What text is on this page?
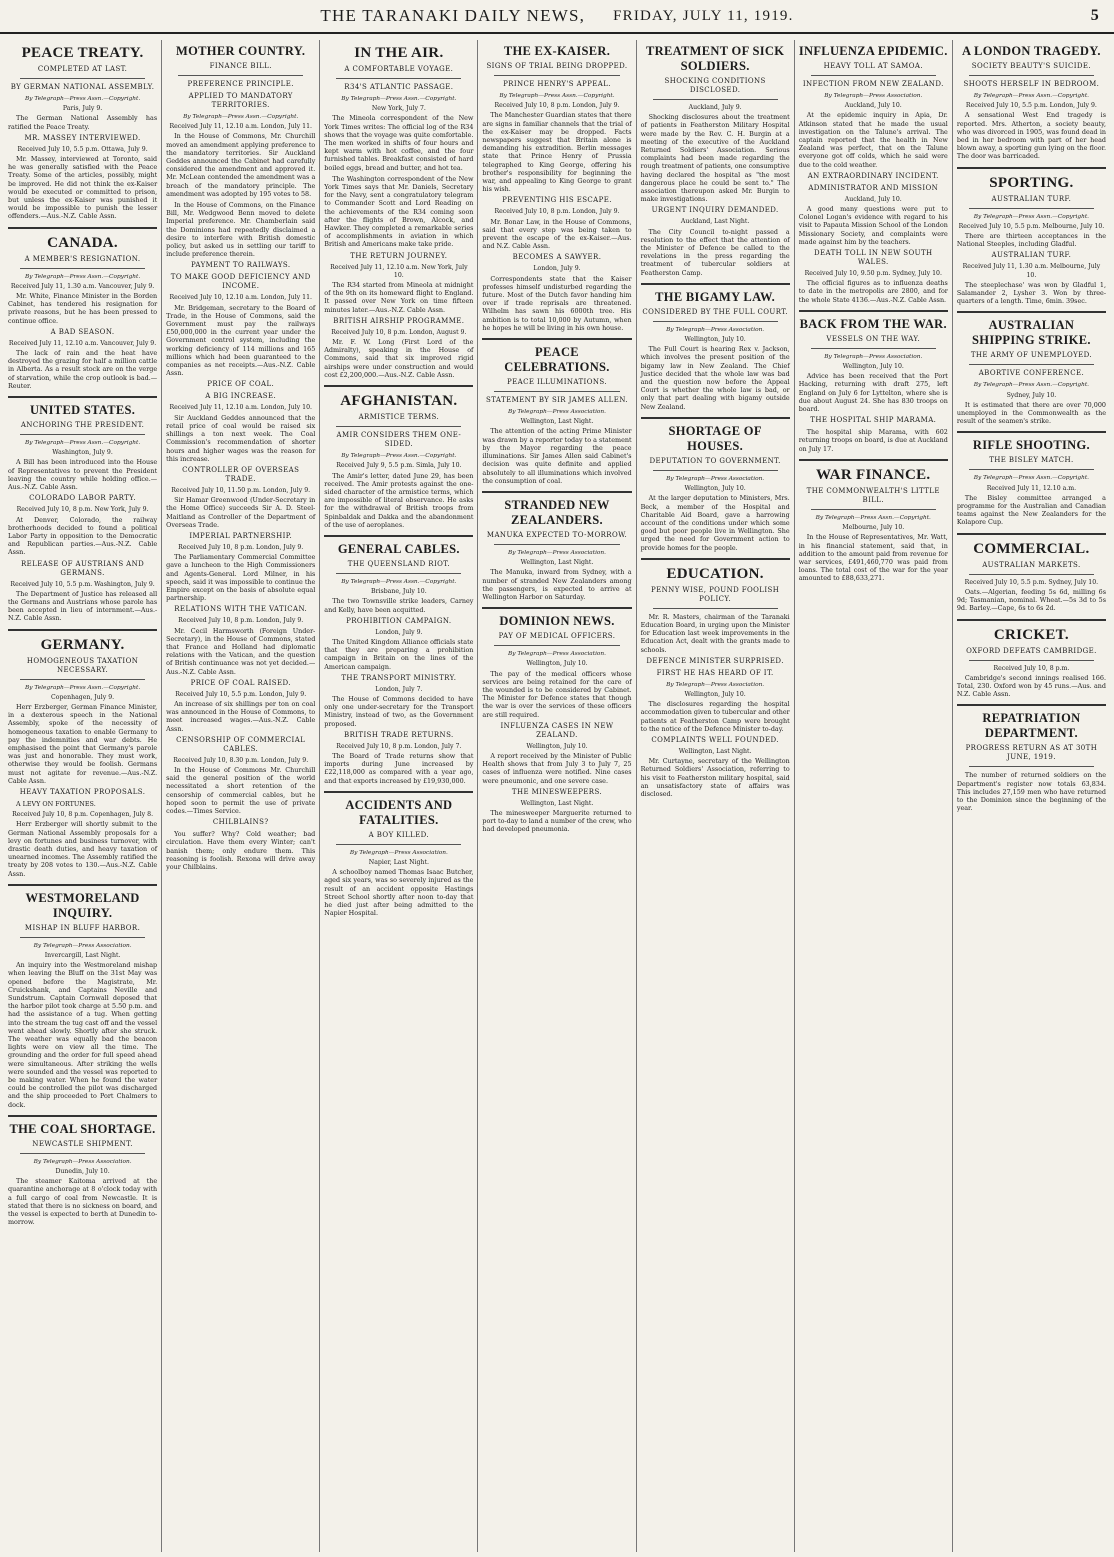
THE TARANAKI DAILY NEWS, FRIDAY, JULY 11, 1919.	5
PEACE TREATY.
COMPLETED AT LAST.
BY GERMAN NATIONAL ASSEMBLY.
By Telegraph—Press Assn.—Copyright.
Paris, July 9.

The German National Assembly has ratified the Peace Treaty.

MR. MASSEY INTERVIEWED.
Received July 10, 5.5 p.m. Ottawa, July 9.

Mr. Massey, interviewed at Toronto, said he was generally satisfied with the Peace Treaty. Some of the articles, possibly, might be improved. He did not think the ex-Kaiser would be executed or committed to prison, but unless the ex-Kaiser was punished it would be impossible to punish the lesser offenders.—Aus.-N.Z. Cable Assn.

CANADA.
A MEMBER'S RESIGNATION.
By Telegraph—Press Assn.—Copyright.
Received July 11, 1.30 a.m. Vancouver, July 9.

Mr. White, Finance Minister in the Borden Cabinet, has tendered his resignation for private reasons, but he has been pressed to continue office.

A BAD SEASON.
Received July 11, 12.10 a.m. Vancouver, July 9.

The lack of rain and the heat have destroyed the grazing for half a million cattle in Alberta. As a result stock are on the verge of starvation, while the crop outlook is bad.—Reuter.

UNITED STATES.
ANCHORING THE PRESIDENT.
By Telegraph—Press Assn.—Copyright.
Washington, July 9.

A Bill has been introduced into the House of Representatives to prevent the President leaving the country while holding office.—Aus.-N.Z. Cable Assn.

COLORADO LABOR PARTY.
Received July 10, 8 p.m. New York, July 9.

At Denver, Colorado, the railway brotherhoods decided to found a political Labor Party in opposition to the Democratic and Republican parties.—Aus.-N.Z. Cable Assn.

RELEASE OF AUSTRIANS AND GERMANS.
Received July 10, 5.5 p.m. Washington, July 9.

The Department of Justice has released all the Germans and Austrians whose parole has been accepted in lieu of internment.—Aus.-N.Z. Cable Assn.

GERMANY.
HOMOGENEOUS TAXATION NECESSARY.
By Telegraph—Press Assn.—Copyright.
Copenhagen, July 9.

Herr Erzberger, German Finance Minister, in a dexterous speech in the National Assembly, spoke of the necessity of homogeneous taxation to enable Germany to pay the indemnities and war debts. He emphasised the point that Germany's parole was just and honorable. They must work, otherwise they would be foolish. Germans must not agitate for revenue.—Aus.-N.Z. Cable Assn.

HEAVY TAXATION PROPOSALS.

A LEVY ON FORTUNES.

Received July 10, 8 p.m. Copenhagen, July 8.

Herr Erzberger will shortly submit to the German National Assembly proposals for a levy on fortunes and business turnover, with drastic death duties, and heavy taxation of unearned incomes. The Assembly ratified the treaty by 208 votes to 130.—Aus.-N.Z. Cable Assn.

WESTMORELAND INQUIRY.
MISHAP IN BLUFF HARBOR.
By Telegraph—Press Association.
Invercargill, Last Night.

An inquiry into the Westmoreland mishap when leaving the Bluff on the 31st May was opened before the Magistrate, Mr. Cruickshank, and Captains Neville and Sundstrum. Captain Cornwall deposed that the harbor pilot took charge at 5.50 p.m. and had the assistance of a tug. When getting into the stream the tug cast off and the vessel went ahead slowly. Shortly after she struck. The weather was equally bad the beacon lights were on view all the time. The grounding and the order for full speed ahead were simultaneous. After striking the wells were sounded and the vessel was reported to be making water. When he found the water could be controlled the pilot was discharged and the ship proceeded to Port Chalmers to dock.

THE COAL SHORTAGE.
NEWCASTLE SHIPMENT.
By Telegraph—Press Association.
Dunedin, July 10.

The steamer Kaitoma arrived at the quarantine anchorage at 8 o'clock today with a full cargo of coal from Newcastle. It is stated that there is no sickness on board, and the vessel is expected to berth at Dunedin to-morrow.

MOTHER COUNTRY.
FINANCE BILL.
PREFERENCE PRINCIPLE.
APPLIED TO MANDATORY TERRITORIES.
By Telegraph—Press Assn.—Copyright.
Received July 11, 12.10 a.m. London, July 11.

In the House of Commons, Mr. Churchill moved an amendment applying preference to the mandatory territories. Sir Auckland Geddes announced the Cabinet had carefully considered the amendment and approved it. Mr. McLean contended the amendment was a breach of the mandatory principle. The amendment was adopted by 195 votes to 58.

In the House of Commons, on the Finance Bill, Mr. Wedgwood Benn moved to delete Imperial preference. Mr. Chamberlain said the Dominions had repeatedly disclaimed a desire to interfere with British domestic policy, but asked us in settling our tariff to include preference therein.

PAYMENT TO RAILWAYS.
TO MAKE GOOD DEFICIENCY AND INCOME.
Received July 10, 12.10 a.m. London, July 11.

Mr. Bridgeman, secretary to the Board of Trade, in the House of Commons, said the Government must pay the railways £50,000,000 in the current year under the Government control system, including the working deficiency of 114 millions and 165 millions which had been guaranteed to the companies as net receipts.—Aus.-N.Z. Cable Assn.

PRICE OF COAL.
A BIG INCREASE.
Received July 11, 12.10 a.m. London, July 10.

Sir Auckland Geddes announced that the retail price of coal would be raised six shillings a ton next week. The Coal Commission's recommendation of shorter hours and higher wages was the reason for this increase.

CONTROLLER OF OVERSEAS TRADE.
Received July 10, 11.50 p.m. London, July 9.

Sir Hamar Greenwood (Under-Secretary in the Home Office) succeeds Sir A. D. Steel-Maitland as Controller of the Department of Overseas Trade.

IMPERIAL PARTNERSHIP.
Received July 10, 8 p.m. London, July 9.

The Parliamentary Commercial Committee gave a luncheon to the High Commissioners and Agents-General. Lord Milner, in his speech, said it was impossible to continue the Empire except on the basis of absolute equal partnership.

RELATIONS WITH THE VATICAN.
Received July 10, 8 p.m. London, July 9.

Mr. Cecil Harmsworth (Foreign Under-Secretary), in the House of Commons, stated that France and Holland had diplomatic relations with the Vatican, and the question of British continuance was not yet decided.—Aus.-N.Z. Cable Assn.

PRICE OF COAL RAISED.
Received July 10, 5.5 p.m. London, July 9.

An increase of six shillings per ton on coal was announced in the House of Commons, to meet increased wages.—Aus.-N.Z. Cable Assn.

CENSORSHIP OF COMMERCIAL CABLES.
Received July 10, 8.30 p.m. London, July 9.

In the House of Commons Mr. Churchill said the general position of the world necessitated a short retention of the censorship of commercial cables, but he hoped soon to permit the use of private codes.—Times Service.

CHILBLAINS?

You suffer? Why? Cold weather; bad circulation. Have them every Winter; can't banish them; only endure them. This reasoning is foolish. Rexona will drive away your Chilblains.

IN THE AIR.
A COMFORTABLE VOYAGE.
R34'S ATLANTIC PASSAGE.
By Telegraph—Press Assn.—Copyright.
New York, July 7.

The Mineola correspondent of the New York Times writes: The official log of the R34 shows that the voyage was quite comfortable. The men worked in shifts of four hours and kept warm with hot coffee, and the four furnished tables. Breakfast consisted of hard boiled eggs, bread and butter, and hot tea.

The Washington correspondent of the New York Times says that Mr. Daniels, Secretary for the Navy, sent a congratulatory telegram to Commander Scott and Lord Reading on the achievements of the R34 coming soon after the flights of Brown, Alcock, and Hawker. They completed a remarkable series of accomplishments in aviation in which British and Americans make take pride.

THE RETURN JOURNEY.
Received July 11, 12.10 a.m. New York, July 10.

The R34 started from Mineola at midnight of the 9th on its homeward flight to England. It passed over New York on time fifteen minutes later.—Aus.-N.Z. Cable Assn.

BRITISH AIRSHIP PROGRAMME.
Received July 10, 8 p.m. London, August 9.

Mr. F. W. Long (First Lord of the Admiralty), speaking in the House of Commons, said that six improved rigid airships were under construction and would cost £2,200,000.—Aus.-N.Z. Cable Assn.

AFGHANISTAN.
ARMISTICE TERMS.
AMIR CONSIDERS THEM ONE-SIDED.
By Telegraph—Press Assn.—Copyright.
Received July 9, 5.5 p.m. Simla, July 10.

The Amir's letter, dated June 29, has been received. The Amir protests against the one-sided character of the armistice terms, which are impossible of literal observance. He asks for the withdrawal of British troops from Spinbaldak and Dakka and the abandonment of the use of aeroplanes.

GENERAL CABLES.
THE QUEENSLAND RIOT.
By Telegraph—Press Assn.—Copyright.
Brisbane, July 10.

The two Townsville strike leaders, Carney and Kelly, have been acquitted.

PROHIBITION CAMPAIGN.
London, July 9.

The United Kingdom Alliance officials state that they are preparing a prohibition campaign in Britain on the lines of the American campaign.

THE TRANSPORT MINISTRY.
London, July 7.

The House of Commons decided to have only one under-secretary for the Transport Ministry, instead of two, as the Government proposed.

BRITISH TRADE RETURNS.
Received July 10, 8 p.m. London, July 7.

The Board of Trade returns show that imports during June increased by £22,118,000 as compared with a year ago, and that exports increased by £19,930,000.

ACCIDENTS AND FATALITIES.
A BOY KILLED.
By Telegraph—Press Association.
Napier, Last Night.

A schoolboy named Thomas Isaac Butcher, aged six years, was so severely injured as the result of an accident opposite Hastings Street School shortly after noon to-day that he died just after being admitted to the Napier Hospital.

THE EX-KAISER.
SIGNS OF TRIAL BEING DROPPED.
PRINCE HENRY'S APPEAL.
By Telegraph—Press Assn.—Copyright.
Received July 10, 8 p.m. London, July 9.

The Manchester Guardian states that there are signs in familiar channels that the trial of the ex-Kaiser may be dropped. Facts newspapers suggest that Britain alone is demanding his extradition. Berlin messages state that Prince Henry of Prussia telegraphed to King George, offering his brother's responsibility for beginning the war, and appealing to King George to grant his wish.

PREVENTING HIS ESCAPE.
Received July 10, 8 p.m. London, July 9.

Mr. Bonar Law, in the House of Commons, said that every step was being taken to prevent the escape of the ex-Kaiser.—Aus. and N.Z. Cable Assn.

BECOMES A SAWYER.
London, July 9.

Correspondents state that the Kaiser professes himself undisturbed regarding the future. Most of the Dutch favor handing him over if trade reprisals are threatened. Wilhelm has sawn his 6000th tree. His ambition is to total 10,000 by Autumn, when he hopes he will be living in his own house.

PEACE CELEBRATIONS.
PEACE ILLUMINATIONS.
STATEMENT BY SIR JAMES ALLEN.
By Telegraph—Press Association.
Wellington, Last Night.

The attention of the acting Prime Minister was drawn by a reporter today to a statement by the Mayor regarding the peace illuminations. Sir James Allen said Cabinet's decision was quite definite and applied absolutely to all illuminations which involved the consumption of coal.

STRANDED NEW ZEALANDERS.
MANUKA EXPECTED TO-MORROW.
By Telegraph—Press Association.
Wellington, Last Night.

The Manuka, inward from Sydney, with a number of stranded New Zealanders among the passengers, is expected to arrive at Wellington Harbor on Saturday.

DOMINION NEWS.
PAY OF MEDICAL OFFICERS.
By Telegraph—Press Association.
Wellington, July 10.

The pay of the medical officers whose services are being retained for the care of the wounded is to be considered by Cabinet. The Minister for Defence states that though the war is over the services of these officers are still required.

INFLUENZA CASES IN NEW ZEALAND.
Wellington, July 10.

A report received by the Minister of Public Health shows that from July 3 to July 7, 25 cases of influenza were notified. Nine cases were pneumonic, and one severe case.

THE MINESWEEPERS.
Wellington, Last Night.

The minesweeper Marguerite returned to port to-day to land a number of the crew, who had developed pneumonia.

TREATMENT OF SICK SOLDIERS.
SHOCKING CONDITIONS DISCLOSED.
Auckland, July 9.

Shocking disclosures about the treatment of patients in Featherston Military Hospital were made by the Rev. C. H. Burgin at a meeting of the executive of the Auckland Returned Soldiers' Association. Serious complaints had been made regarding the rough treatment of patients, one consumptive having declared the hospital as "the most dangerous place he could be sent to." The association thereupon asked Mr. Burgin to make investigations.

URGENT INQUIRY DEMANDED.
Auckland, Last Night.

The City Council to-night passed a resolution to the effect that the attention of the Minister of Defence be called to the revelations in the press regarding the treatment of tubercular soldiers at Featherston Camp.

THE BIGAMY LAW.
CONSIDERED BY THE FULL COURT.
By Telegraph—Press Association.
Wellington, July 10.

The Full Court is hearing Rex v. Jackson, which involves the present position of the bigamy law in New Zealand. The Chief Justice decided that the whole law was bad and the question now before the Appeal Court is whether the whole law is bad, or only that part dealing with bigamy outside New Zealand.

SHORTAGE OF HOUSES.
DEPUTATION TO GOVERNMENT.
By Telegraph—Press Association.
Wellington, July 10.

At the larger deputation to Ministers, Mrs. Beck, a member of the Hospital and Charitable Aid Board, gave a harrowing account of the conditions under which some good but poor people live in Wellington. She urged the need for Government action to provide homes for the people.

EDUCATION.
PENNY WISE, POUND FOOLISH POLICY.

Mr. R. Masters, chairman of the Taranaki Education Board, in urging upon the Minister for Education last week improvements in the Education Act, dealt with the grants made to schools.

DEFENCE MINISTER SURPRISED.
FIRST HE HAS HEARD OF IT.
By Telegraph—Press Association.
Wellington, July 10.

The disclosures regarding the hospital accommodation given to tubercular and other patients at Featherston Camp were brought to the notice of the Defence Minister to-day.

COMPLAINTS WELL FOUNDED.
Wellington, Last Night.

Mr. Curtayne, secretary of the Wellington Returned Soldiers' Association, referring to his visit to Featherston military hospital, said an unsatisfactory state of affairs was disclosed.

INFLUENZA EPIDEMIC.
HEAVY TOLL AT SAMOA.
INFECTION FROM NEW ZEALAND.
By Telegraph—Press Association.
Auckland, July 10.

At the epidemic inquiry in Apia, Dr. Atkinson stated that he made the usual investigation on the Talune's arrival. The captain reported that the health in New Zealand was perfect, that on the Talune everyone got off colds, which he said were due to the cold weather.

AN EXTRAORDINARY INCIDENT.
ADMINISTRATOR AND MISSION
Auckland, July 10.

A good many questions were put to Colonel Logan's evidence with regard to his visit to Papauta Mission School of the London Missionary Society, and complaints were made against him by the teachers.

DEATH TOLL IN NEW SOUTH WALES.
Received July 10, 9.50 p.m. Sydney, July 10.

The official figures as to influenza deaths to date in the metropolis are 2800, and for the whole State 4136.—Aus.-N.Z. Cable Assn.

BACK FROM THE WAR.
VESSELS ON THE WAY.
By Telegraph—Press Association.
Wellington, July 10.

Advice has been received that the Port Hacking, returning with draft 275, left England on July 6 for Lyttelton, where she is due about August 24. She has 830 troops on board.

THE HOSPITAL SHIP MARAMA.

The hospital ship Marama, with 602 returning troops on board, is due at Auckland on July 17.

WAR FINANCE.
THE COMMONWEALTH'S LITTLE BILL.
By Telegraph—Press Assn.—Copyright.
Melbourne, July 10.

In the House of Representatives, Mr. Watt, in his financial statement, said that, in addition to the amount paid from revenue for war services, £491,460,770 was paid from loans. The total cost of the war for the year amounted to £88,633,271.

A LONDON TRAGEDY.
SOCIETY BEAUTY'S SUICIDE.
SHOOTS HERSELF IN BEDROOM.
By Telegraph—Press Assn.—Copyright.
Received July 10, 5.5 p.m. London, July 9.

A sensational West End tragedy is reported. Mrs. Atherton, a society beauty, who was divorced in 1905, was found dead in bed in her bedroom with part of her head blown away, a sporting gun lying on the floor. The door was barricaded.

SPORTING.
AUSTRALIAN TURF.
By Telegraph—Press Assn.—Copyright.
Received July 10, 5.5 p.m. Melbourne, July 10.

There are thirteen acceptances in the National Steeples, including Gladful.

AUSTRALIAN TURF.
Received July 11, 1.30 a.m. Melbourne, July 10.

The steeplechase' was won by Gladful 1, Salamander 2, Lysher 3. Won by three-quarters of a length. Time, 6min. 39sec.

AUSTRALIAN SHIPPING STRIKE.
THE ARMY OF UNEMPLOYED.
ABORTIVE CONFERENCE.
By Telegraph—Press Assn.—Copyright.
Sydney, July 10.

It is estimated that there are over 70,000 unemployed in the Commonwealth as the result of the seamen's strike.

RIFLE SHOOTING.
THE BISLEY MATCH.
By Telegraph—Press Assn.—Copyright.
Received July 11, 12.10 a.m.

The Bisley committee arranged a programme for the Australian and Canadian teams against the New Zealanders for the Kolapore Cup.

COMMERCIAL.
AUSTRALIAN MARKETS.
Received July 10, 5.5 p.m. Sydney, July 10.

Oats.—Algerian, feeding 5s 6d, milling 6s 9d; Tasmanian, nominal. Wheat.—5s 3d to 5s 9d. Barley.—Cape, 6s to 6s 2d.

CRICKET.
OXFORD DEFEATS CAMBRIDGE.
Received July 10, 8 p.m.

Cambridge's second innings realised 166. Total, 230. Oxford won by 45 runs.—Aus. and N.Z. Cable Assn.

REPATRIATION DEPARTMENT.
PROGRESS RETURN AS AT 30TH JUNE, 1919.

The number of returned soldiers on the Department's register now totals 63,834. This includes 27,159 men who have returned to the Dominion since the beginning of the year.
